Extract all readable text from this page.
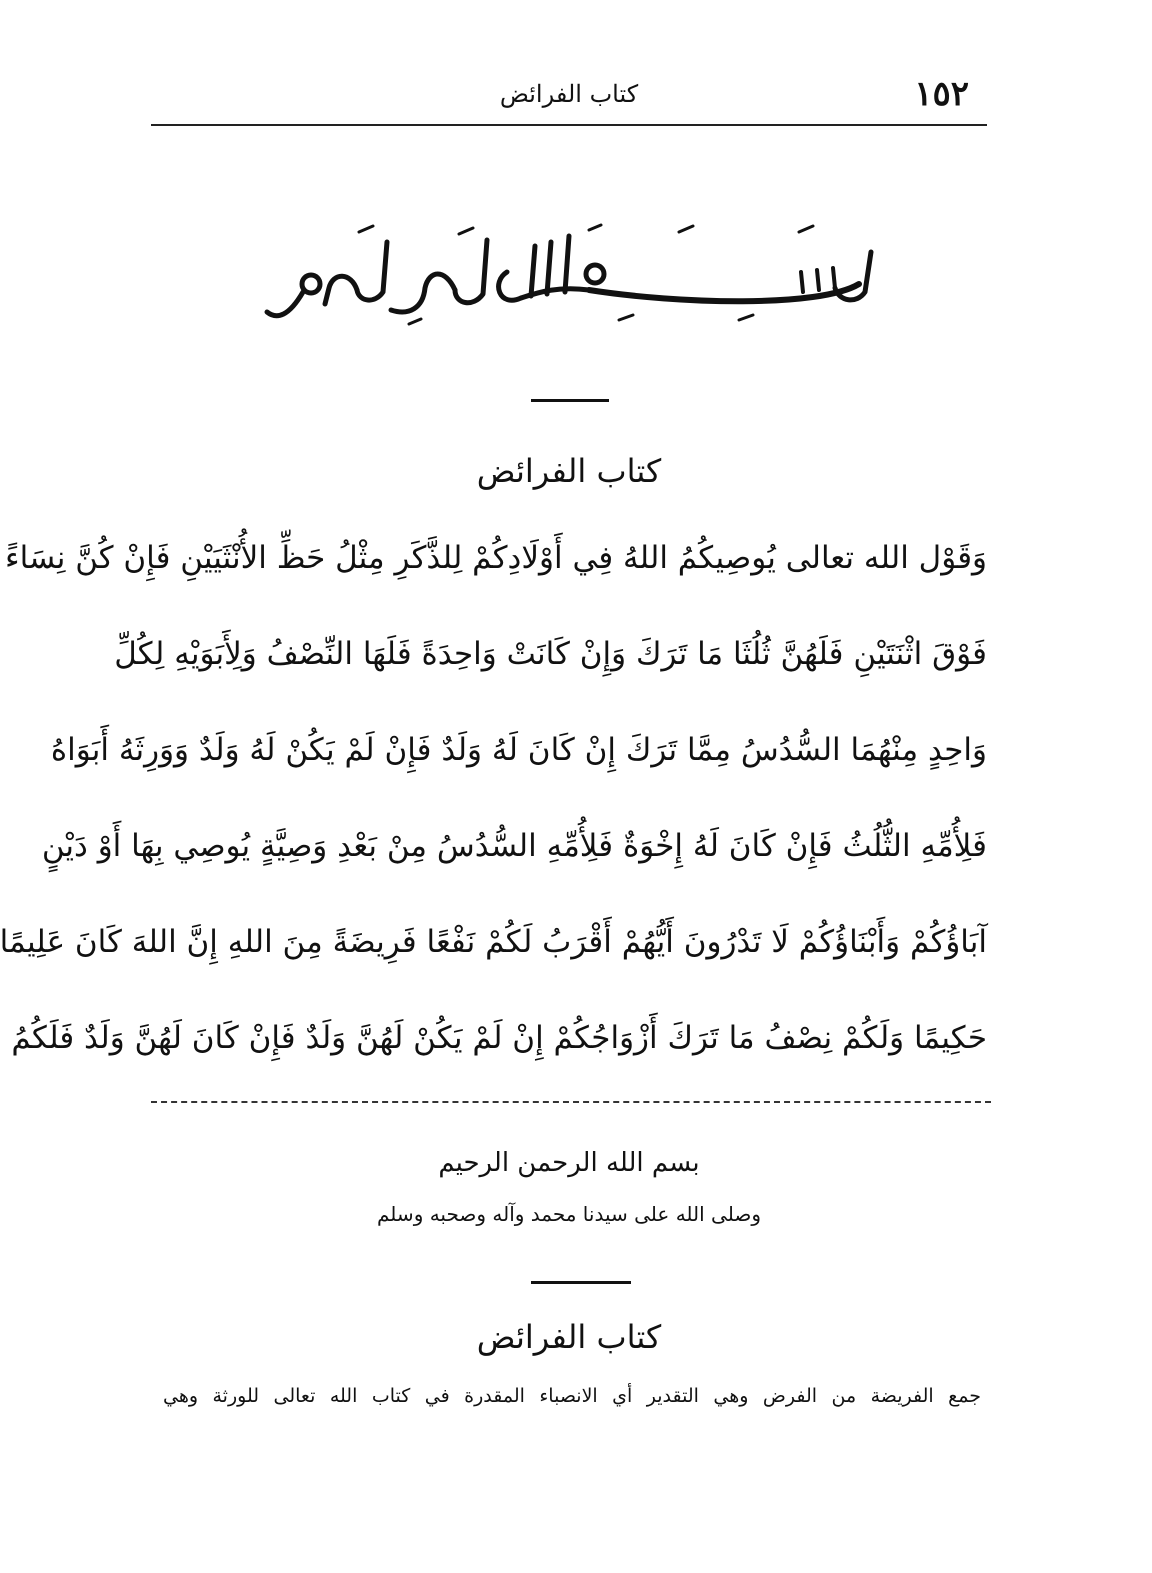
١٥٢
كتاب الفرائض
كتاب الفرائض
وَقَوْل الله تعالى يُوصِيكُمُ اللهُ فِي أَوْلَادِكُمْ لِلذَّكَرِ مِثْلُ حَظِّ الأُنْثَيَيْنِ فَإِنْ كُنَّ نِسَاءً
فَوْقَ اثْنَتَيْنِ فَلَهُنَّ ثُلُثَا مَا تَرَكَ وَإِنْ كَانَتْ وَاحِدَةً فَلَهَا النِّصْفُ وَلِأَبَوَيْهِ لِكُلِّ
وَاحِدٍ مِنْهُمَا السُّدُسُ مِمَّا تَرَكَ إِنْ كَانَ لَهُ وَلَدٌ فَإِنْ لَمْ يَكُنْ لَهُ وَلَدٌ وَوَرِثَهُ أَبَوَاهُ
فَلِأُمِّهِ الثُّلُثُ فَإِنْ كَانَ لَهُ إِخْوَةٌ فَلِأُمِّهِ السُّدُسُ مِنْ بَعْدِ وَصِيَّةٍ يُوصِي بِهَا أَوْ دَيْنٍ
آبَاؤُكُمْ وَأَبْنَاؤُكُمْ لَا تَدْرُونَ أَيُّهُمْ أَقْرَبُ لَكُمْ نَفْعًا فَرِيضَةً مِنَ اللهِ إِنَّ اللهَ كَانَ عَلِيمًا
حَكِيمًا وَلَكُمْ نِصْفُ مَا تَرَكَ أَزْوَاجُكُمْ إِنْ لَمْ يَكُنْ لَهُنَّ وَلَدٌ فَإِنْ كَانَ لَهُنَّ وَلَدٌ فَلَكُمُ
بسم الله الرحمن الرحيم
وصلى الله على سيدنا محمد وآله وصحبه وسلم
كتاب الفرائض
جمع الفريضة من الفرض وهي التقدير أي الانصباء المقدرة في كتاب الله تعالى للورثة وهي
